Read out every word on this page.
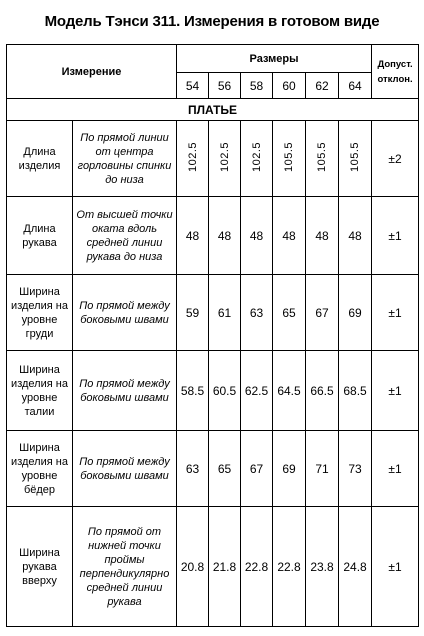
Модель Тэнси 311. Измерения в готовом виде
Измерение		Размеры						Допуст.
отклон.

		54	56	58	60	62	64	
ПЛАТЬЕ								

Длина
изделия	По прямой линии от центра горловины спинки до низа	102.5	102.5	102.5	105.5	105.5	105.5	±2

Длина
рукава	От высшей точки оката вдоль средней линии рукава до низа	48	48	48	48	48	48	±1

Ширина
изделия на
уровне груди	По прямой между боковыми швами	59	61	63	65	67	69	±1

Ширина
изделия на
уровне
талии	По прямой между боковыми швами	58.5	60.5	62.5	64.5	66.5	68.5	±1

Ширина
изделия на
уровне
бёдер	По прямой между боковыми швами	63	65	67	69	71	73	±1

Ширина
рукава
вверху	По прямой от нижней точки проймы перпендикулярно средней линии рукава	20.8	21.8	22.8	22.8	23.8	24.8	±1
